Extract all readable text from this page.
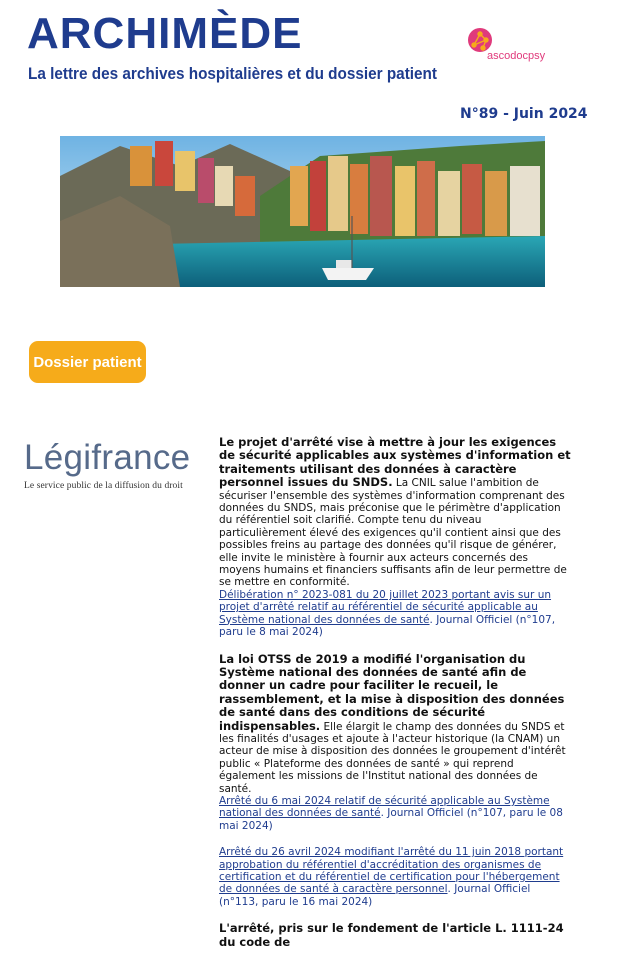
ARCHIMÈDE
La lettre des archives hospitalières et du dossier patient
ascodocpsy
N°89 - Juin 2024
Dossier patient
Légifrance
Le service public de la diffusion du droit

Le projet d'arrêté vise à mettre à jour les exigences de sécurité applicables aux systèmes d'information et traitements utilisant des données à caractère personnel issues du SNDS. La CNIL salue l'ambition de sécuriser l'ensemble des systèmes d'information comprenant des données du SNDS, mais préconise que le périmètre d'application du référentiel soit clarifié. Compte tenu du niveau particulièrement élevé des exigences qu'il contient ainsi que des possibles freins au partage des données qu'il risque de générer, elle invite le ministère à fournir aux acteurs concernés des moyens humains et financiers suffisants afin de leur permettre de se mettre en conformité.
Délibération n° 2023-081 du 20 juillet 2023 portant avis sur un projet d'arrêté relatif au référentiel de sécurité applicable au Système national des données de santé. Journal Officiel (n°107, paru le 8 mai 2024)

La loi OTSS de 2019 a modifié l'organisation du Système national des données de santé afin de donner un cadre pour faciliter le recueil, le rassemblement, et la mise à disposition des données de santé dans des conditions de sécurité indispensables. Elle élargit le champ des données du SNDS et les finalités d'usages et ajoute à l'acteur historique (la CNAM) un acteur de mise à disposition des données le groupement d'intérêt public « Plateforme des données de santé » qui reprend également les missions de l'Institut national des données de santé.
Arrêté du 6 mai 2024 relatif de sécurité applicable au Système national des données de santé. Journal Officiel (n°107, paru le 08 mai 2024)

Arrêté du 26 avril 2024 modifiant l'arrêté du 11 juin 2018 portant approbation du référentiel d'accréditation des organismes de certification et du référentiel de certification pour l'hébergement de données de santé à caractère personnel. Journal Officiel (n°113, paru le 16 mai 2024)

L'arrêté, pris sur le fondement de l'article L. 1111-24 du code de
